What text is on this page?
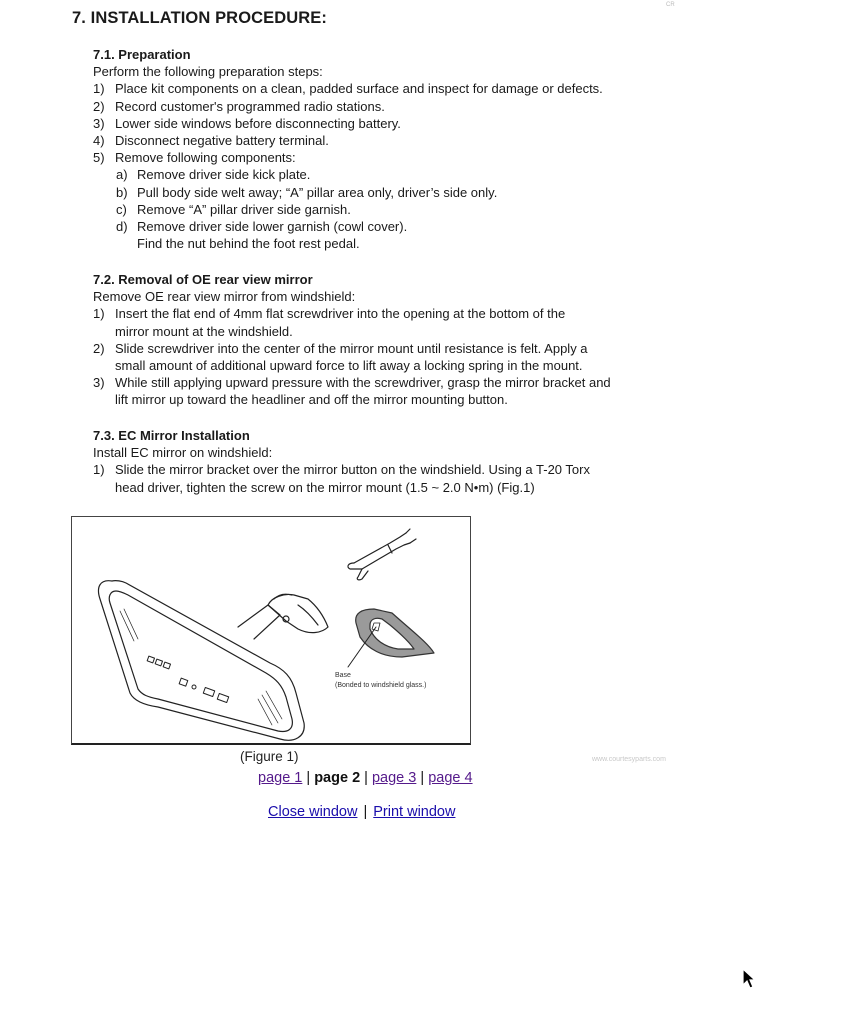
CR
7. INSTALLATION PROCEDURE:
7.1. Preparation
Perform the following preparation steps:
1) Place kit components on a clean, padded surface and inspect for damage or defects.
2) Record customer's programmed radio stations.
3) Lower side windows before disconnecting battery.
4) Disconnect negative battery terminal.
5) Remove following components:
a) Remove driver side kick plate.
b) Pull body side welt away; “A” pillar area only, driver’s side only.
c) Remove “A” pillar driver side garnish.
d) Remove driver side lower garnish (cowl cover).
Find the nut behind the foot rest pedal.
7.2. Removal of OE rear view mirror
Remove OE rear view mirror from windshield:
1) Insert the flat end of 4mm flat screwdriver into the opening at the bottom of the
mirror mount at the windshield.
2) Slide screwdriver into the center of the mirror mount until resistance is felt. Apply a
small amount of additional upward force to lift away a locking spring in the mount.
3) While still applying upward pressure with the screwdriver, grasp the mirror bracket and
lift mirror up toward the headliner and off the mirror mounting button.
7.3. EC Mirror Installation
Install EC mirror on windshield:
1) Slide the mirror bracket over the mirror button on the windshield. Using a T-20 Torx
head driver, tighten the screw on the mirror mount (1.5 ~ 2.0 N•m) (Fig.1)
Base
(Bonded to windshield glass.)
(Figure 1)	www.courtesyparts.com
page 1 | page 2 | page 3 | page 4
Close window | Print window
